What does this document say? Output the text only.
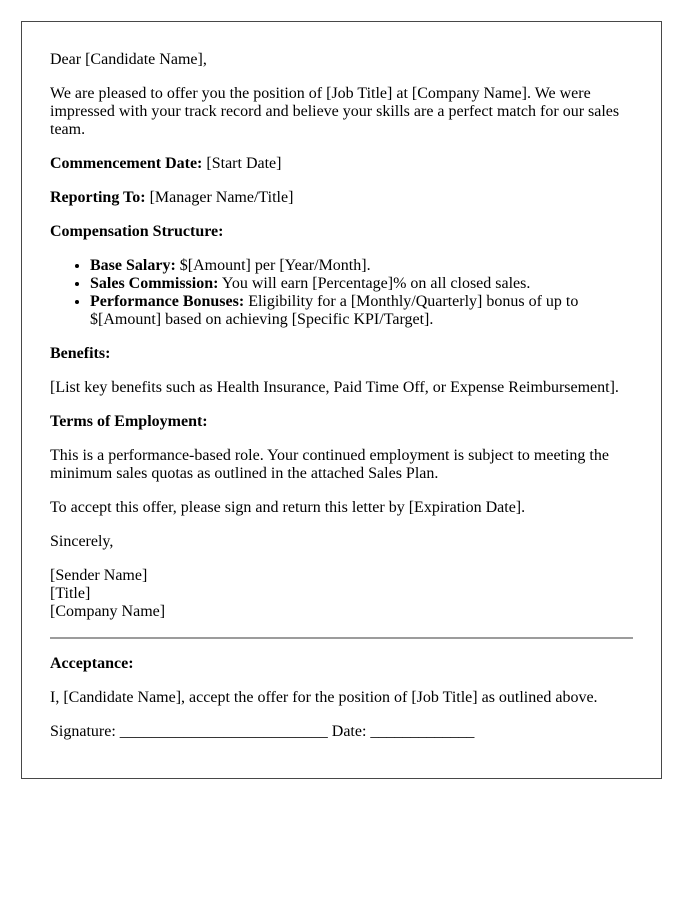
Dear [Candidate Name],

We are pleased to offer you the position of [Job Title] at [Company Name]. We were impressed with your track record and believe your skills are a perfect match for our sales team.

Commencement Date: [Start Date]

Reporting To: [Manager Name/Title]

Compensation Structure:

• Base Salary: $[Amount] per [Year/Month].
• Sales Commission: You will earn [Percentage]% on all closed sales.
• Performance Bonuses: Eligibility for a [Monthly/Quarterly] bonus of up to $[Amount] based on achieving [Specific KPI/Target].

Benefits:

[List key benefits such as Health Insurance, Paid Time Off, or Expense Reimbursement].

Terms of Employment:

This is a performance-based role. Your continued employment is subject to meeting the minimum sales quotas as outlined in the attached Sales Plan.

To accept this offer, please sign and return this letter by [Expiration Date].

Sincerely,

[Sender Name]
[Title]
[Company Name]

Acceptance:

I, [Candidate Name], accept the offer for the position of [Job Title] as outlined above.

Signature: __________________________ Date: _____________
